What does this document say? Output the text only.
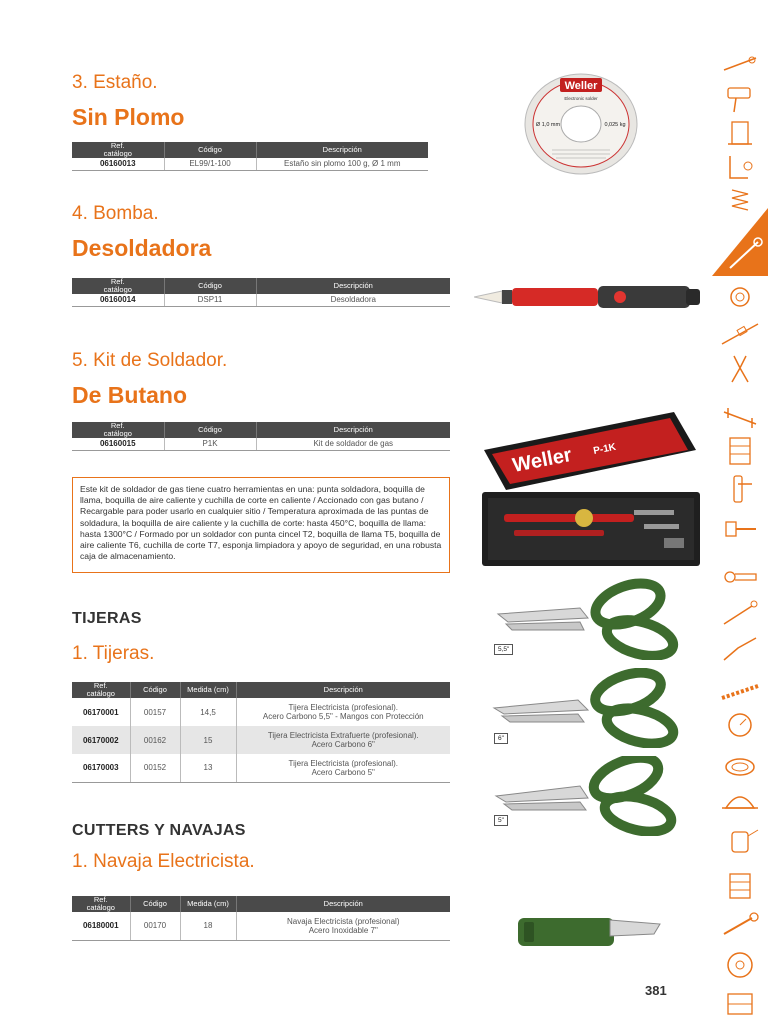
3. Estaño.
Sin Plomo
Ref.
catálogo	Código	Descripción
06160013	EL99/1-100	Estaño sin plomo 100 g, Ø 1 mm
Weller
Electronic solder
Ø 1,0 mm	0,025 kg
4. Bomba.
Desoldadora
Ref.
catálogo	Código	Descripción
06160014	DSP11	Desoldadora
5. Kit de Soldador.
De Butano
Ref.
catálogo	Código	Descripción
06160015	P1K	Kit de soldador de gas
Este kit de soldador de gas tiene cuatro herramientas en una: punta soldadora, boquilla de llama, boquilla de aire caliente y cuchilla de corte en caliente / Accionado con gas butano / Recargable para poder usarlo en cualquier sitio / Temperatura aproximada de las puntas de soldadura, la boquilla de aire caliente y la cuchilla de corte: hasta 450°C, boquilla de llama: hasta 1300°C / Formado por un soldador con punta cincel T2, boquilla de llama T5, boquilla de aire caliente T6, cuchilla de corte T7, esponja limpiadora y apoyo de seguridad, en una robusta caja de almacenamiento.
Weller P-1K
TIJERAS
1. Tijeras.
Ref.
catálogo	Código	Medida (cm)	Descripción
06170001	00157	14,5	Tijera Electricista (profesional).
Acero Carbono 5,5" - Mangos con Protección
06170002	00162	15	Tijera Electricista Extrafuerte (profesional).
Acero Carbono 6"
06170003	00152	13	Tijera Electricista (profesional).
Acero Carbono 5"
5,5"
6"
5"
CUTTERS Y NAVAJAS
1. Navaja Electricista.
Ref.
catálogo	Código	Medida (cm)	Descripción
06180001	00170	18	Navaja Electricista (profesional)
Acero Inoxidable 7"
381
